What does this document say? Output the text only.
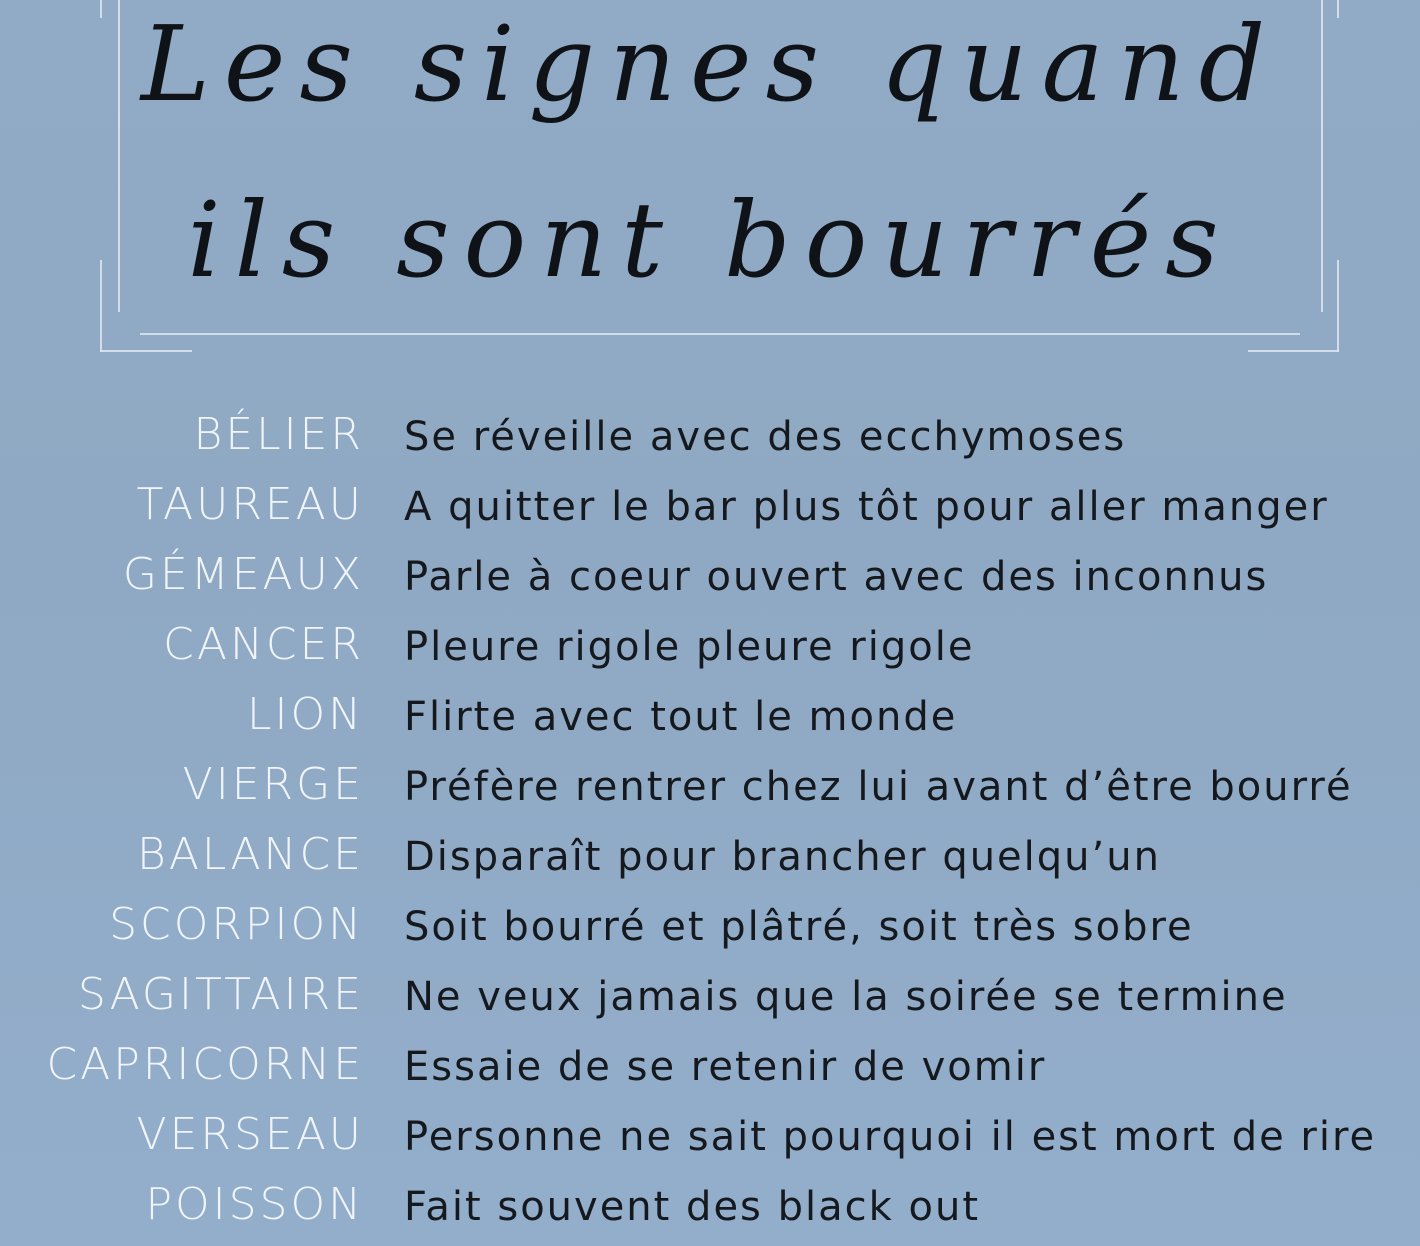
Les signes quand
ils sont bourrés
BÉLIER Se réveille avec des ecchymoses
TAUREAU A quitter le bar plus tôt pour aller manger
GÉMEAUX Parle à coeur ouvert avec des inconnus
CANCER Pleure rigole pleure rigole
LION Flirte avec tout le monde
VIERGE Préfère rentrer chez lui avant d’être bourré
BALANCE Disparaît pour brancher quelqu’un
SCORPION Soit bourré et plâtré, soit très sobre
SAGITTAIRE Ne veux jamais que la soirée se termine
CAPRICORNE Essaie de se retenir de vomir
VERSEAU Personne ne sait pourquoi il est mort de rire
POISSON Fait souvent des black out
